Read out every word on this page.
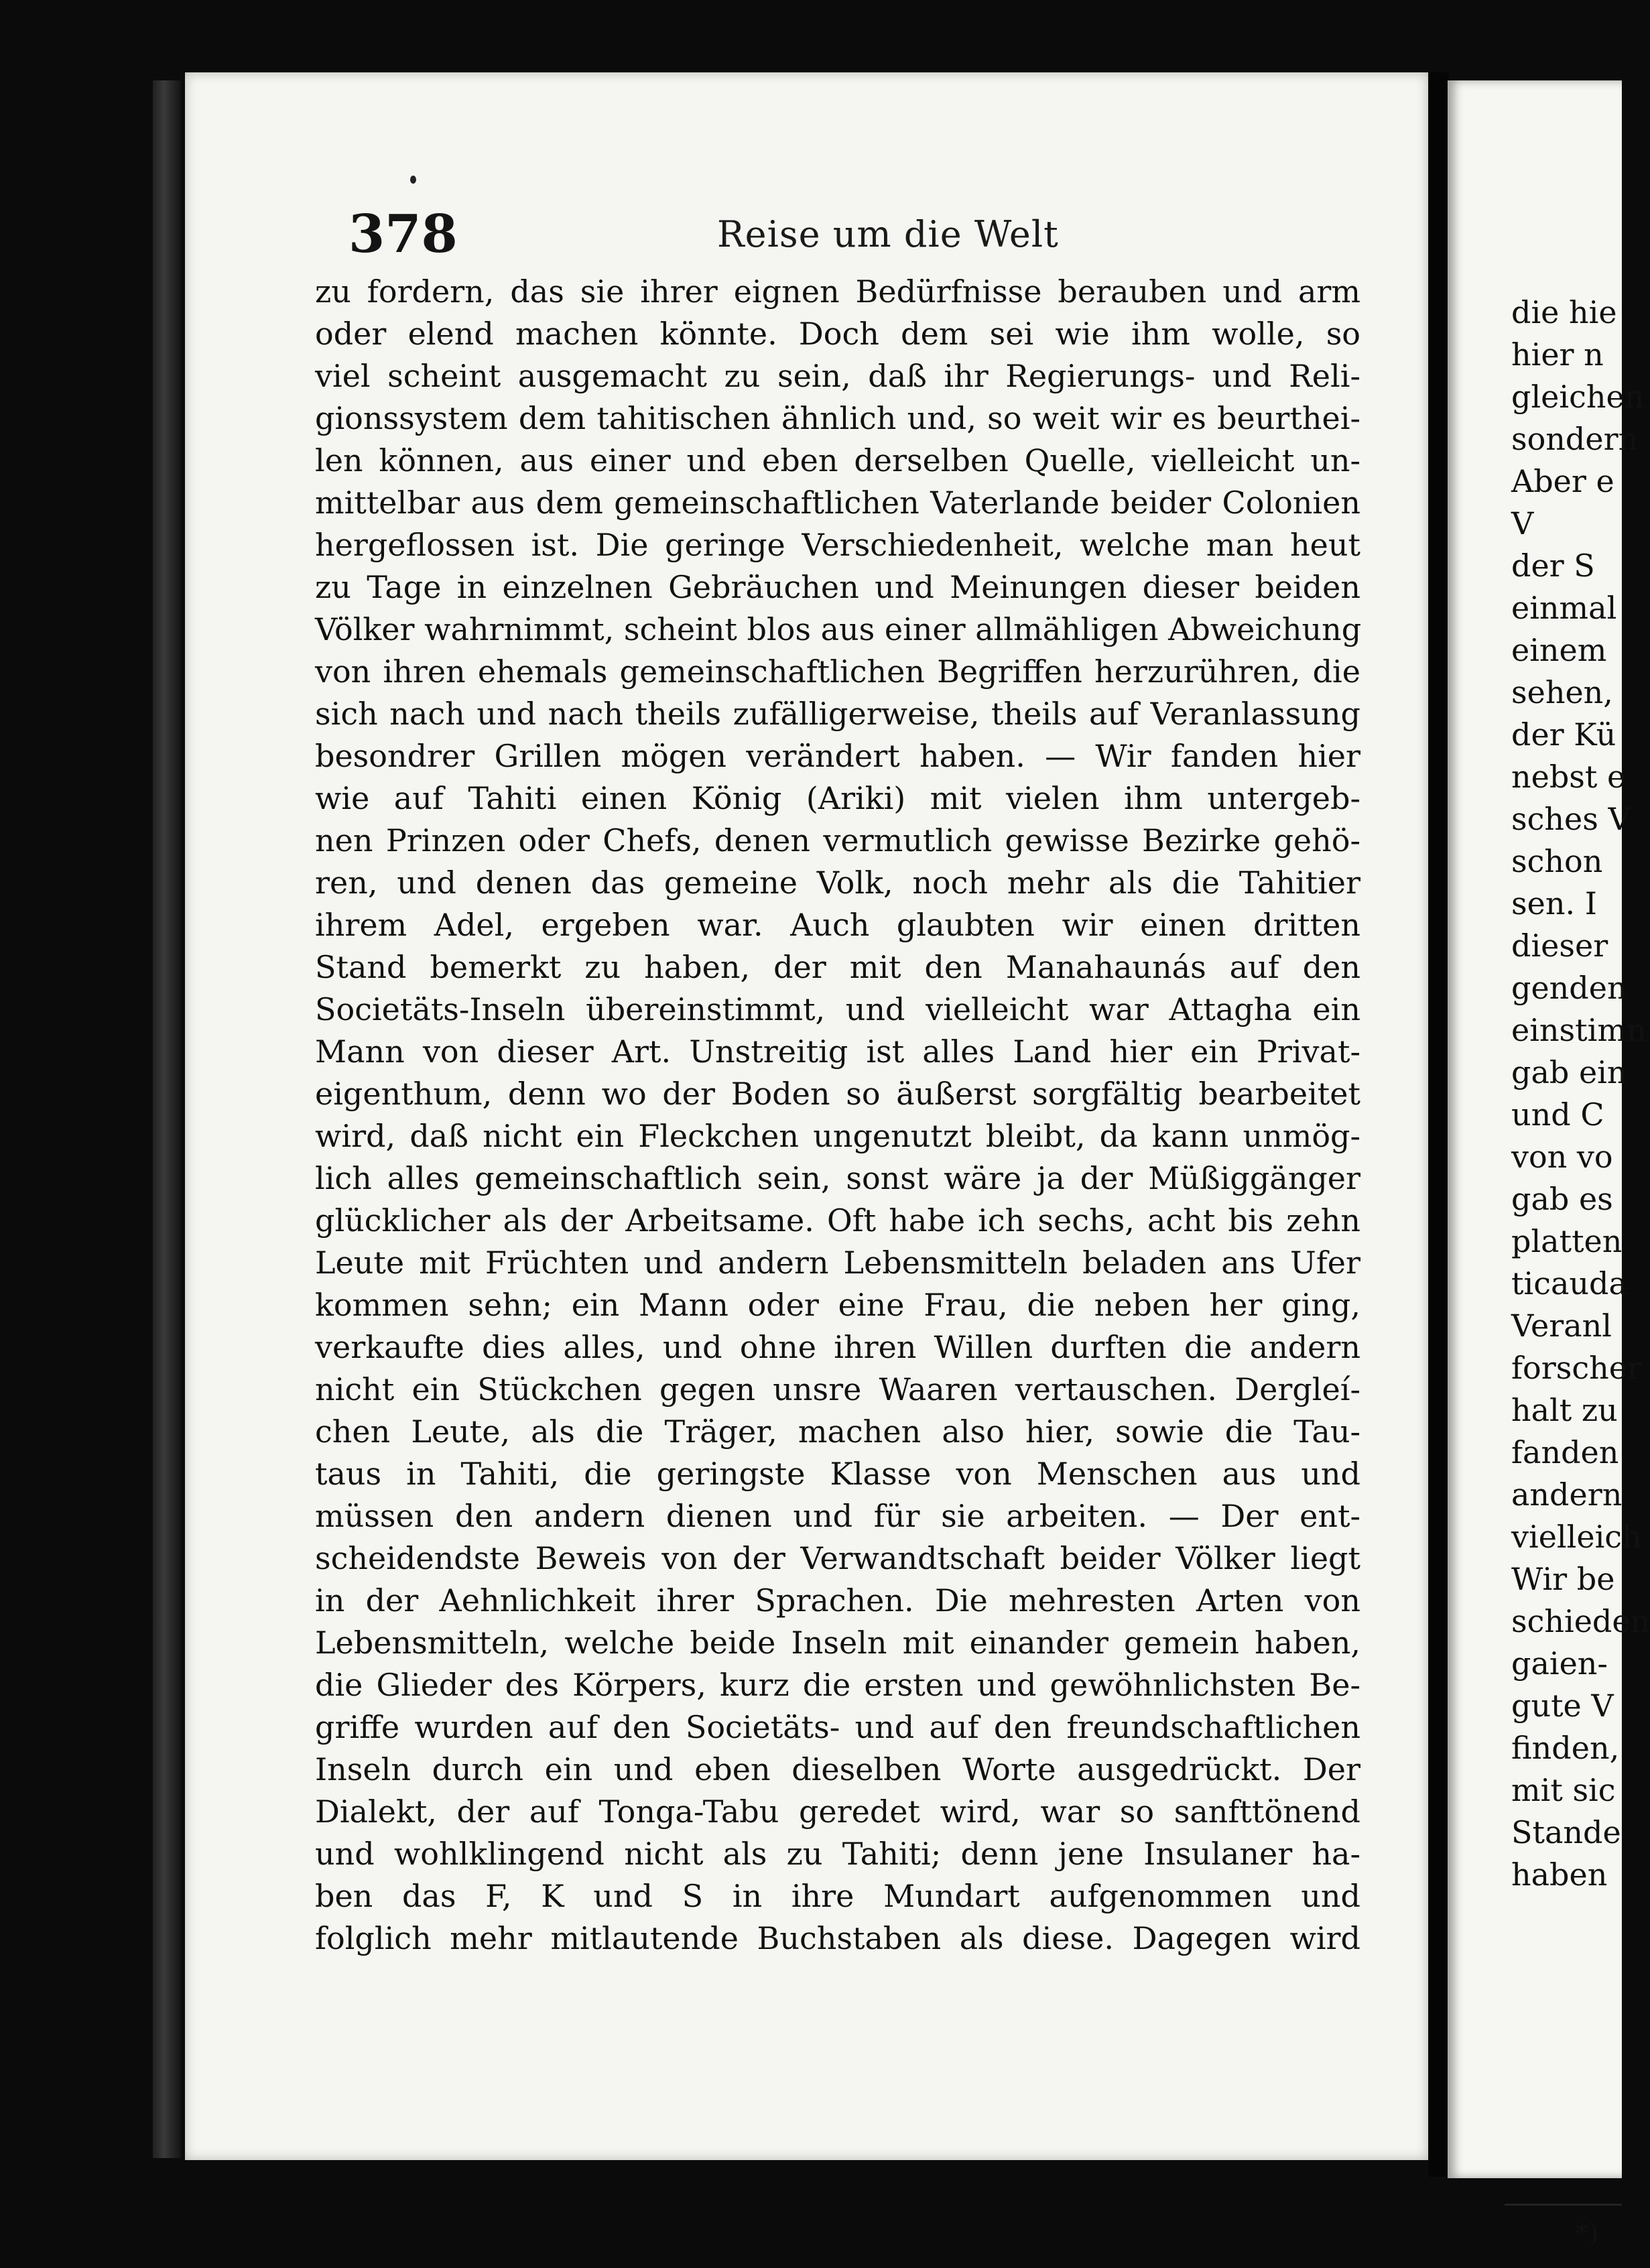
die hie
hier n
gleichen
sondern
Aber e
V
der S
einmal
einem
sehen,
der Kü
nebst e
sches V
schon
sen. I
dieser
genden
einstimn
gab ein
und C
von vo
gab es
platten
ticauda
Veranl
forscher
halt zu
fanden
andern
vielleich
Wir be
schieden
gaien-
gute V
finden,
mit sic
Stande
haben
*)
378	Reise um die Welt
zu fordern, das sie ihrer eignen Bedürfnisse berauben und arm
oder elend machen könnte. Doch dem sei wie ihm wolle, so
viel scheint ausgemacht zu sein, daß ihr Regierungs- und Reli-
gionssystem dem tahitischen ähnlich und, so weit wir es beurthei-
len können, aus einer und eben derselben Quelle, vielleicht un-
mittelbar aus dem gemeinschaftlichen Vaterlande beider Colonien
hergeflossen ist. Die geringe Verschiedenheit, welche man heut
zu Tage in einzelnen Gebräuchen und Meinungen dieser beiden
Völker wahrnimmt, scheint blos aus einer allmähligen Abweichung
von ihren ehemals gemeinschaftlichen Begriffen herzurühren, die
sich nach und nach theils zufälligerweise, theils auf Veranlassung
besondrer Grillen mögen verändert haben. — Wir fanden hier
wie auf Tahiti einen König (Ariki) mit vielen ihm untergeb-
nen Prinzen oder Chefs, denen vermutlich gewisse Bezirke gehö-
ren, und denen das gemeine Volk, noch mehr als die Tahitier
ihrem Adel, ergeben war. Auch glaubten wir einen dritten
Stand bemerkt zu haben, der mit den Manahaunás auf den
Societäts-Inseln übereinstimmt, und vielleicht war Attagha ein
Mann von dieser Art. Unstreitig ist alles Land hier ein Privat-
eigenthum, denn wo der Boden so äußerst sorgfältig bearbeitet
wird, daß nicht ein Fleckchen ungenutzt bleibt, da kann unmög-
lich alles gemeinschaftlich sein, sonst wäre ja der Müßiggänger
glücklicher als der Arbeitsame. Oft habe ich sechs, acht bis zehn
Leute mit Früchten und andern Lebensmitteln beladen ans Ufer
kommen sehn; ein Mann oder eine Frau, die neben her ging,
verkaufte dies alles, und ohne ihren Willen durften die andern
nicht ein Stückchen gegen unsre Waaren vertauschen. Dergleí-
chen Leute, als die Träger, machen also hier, sowie die Tau-
taus in Tahiti, die geringste Klasse von Menschen aus und
müssen den andern dienen und für sie arbeiten. — Der ent-
scheidendste Beweis von der Verwandtschaft beider Völker liegt
in der Aehnlichkeit ihrer Sprachen. Die mehresten Arten von
Lebensmitteln, welche beide Inseln mit einander gemein haben,
die Glieder des Körpers, kurz die ersten und gewöhnlichsten Be-
griffe wurden auf den Societäts- und auf den freundschaftlichen
Inseln durch ein und eben dieselben Worte ausgedrückt. Der
Dialekt, der auf Tonga-Tabu geredet wird, war so sanfttönend
und wohlklingend nicht als zu Tahiti; denn jene Insulaner ha-
ben das F, K und S in ihre Mundart aufgenommen und
folglich mehr mitlautende Buchstaben als diese. Dagegen wird
